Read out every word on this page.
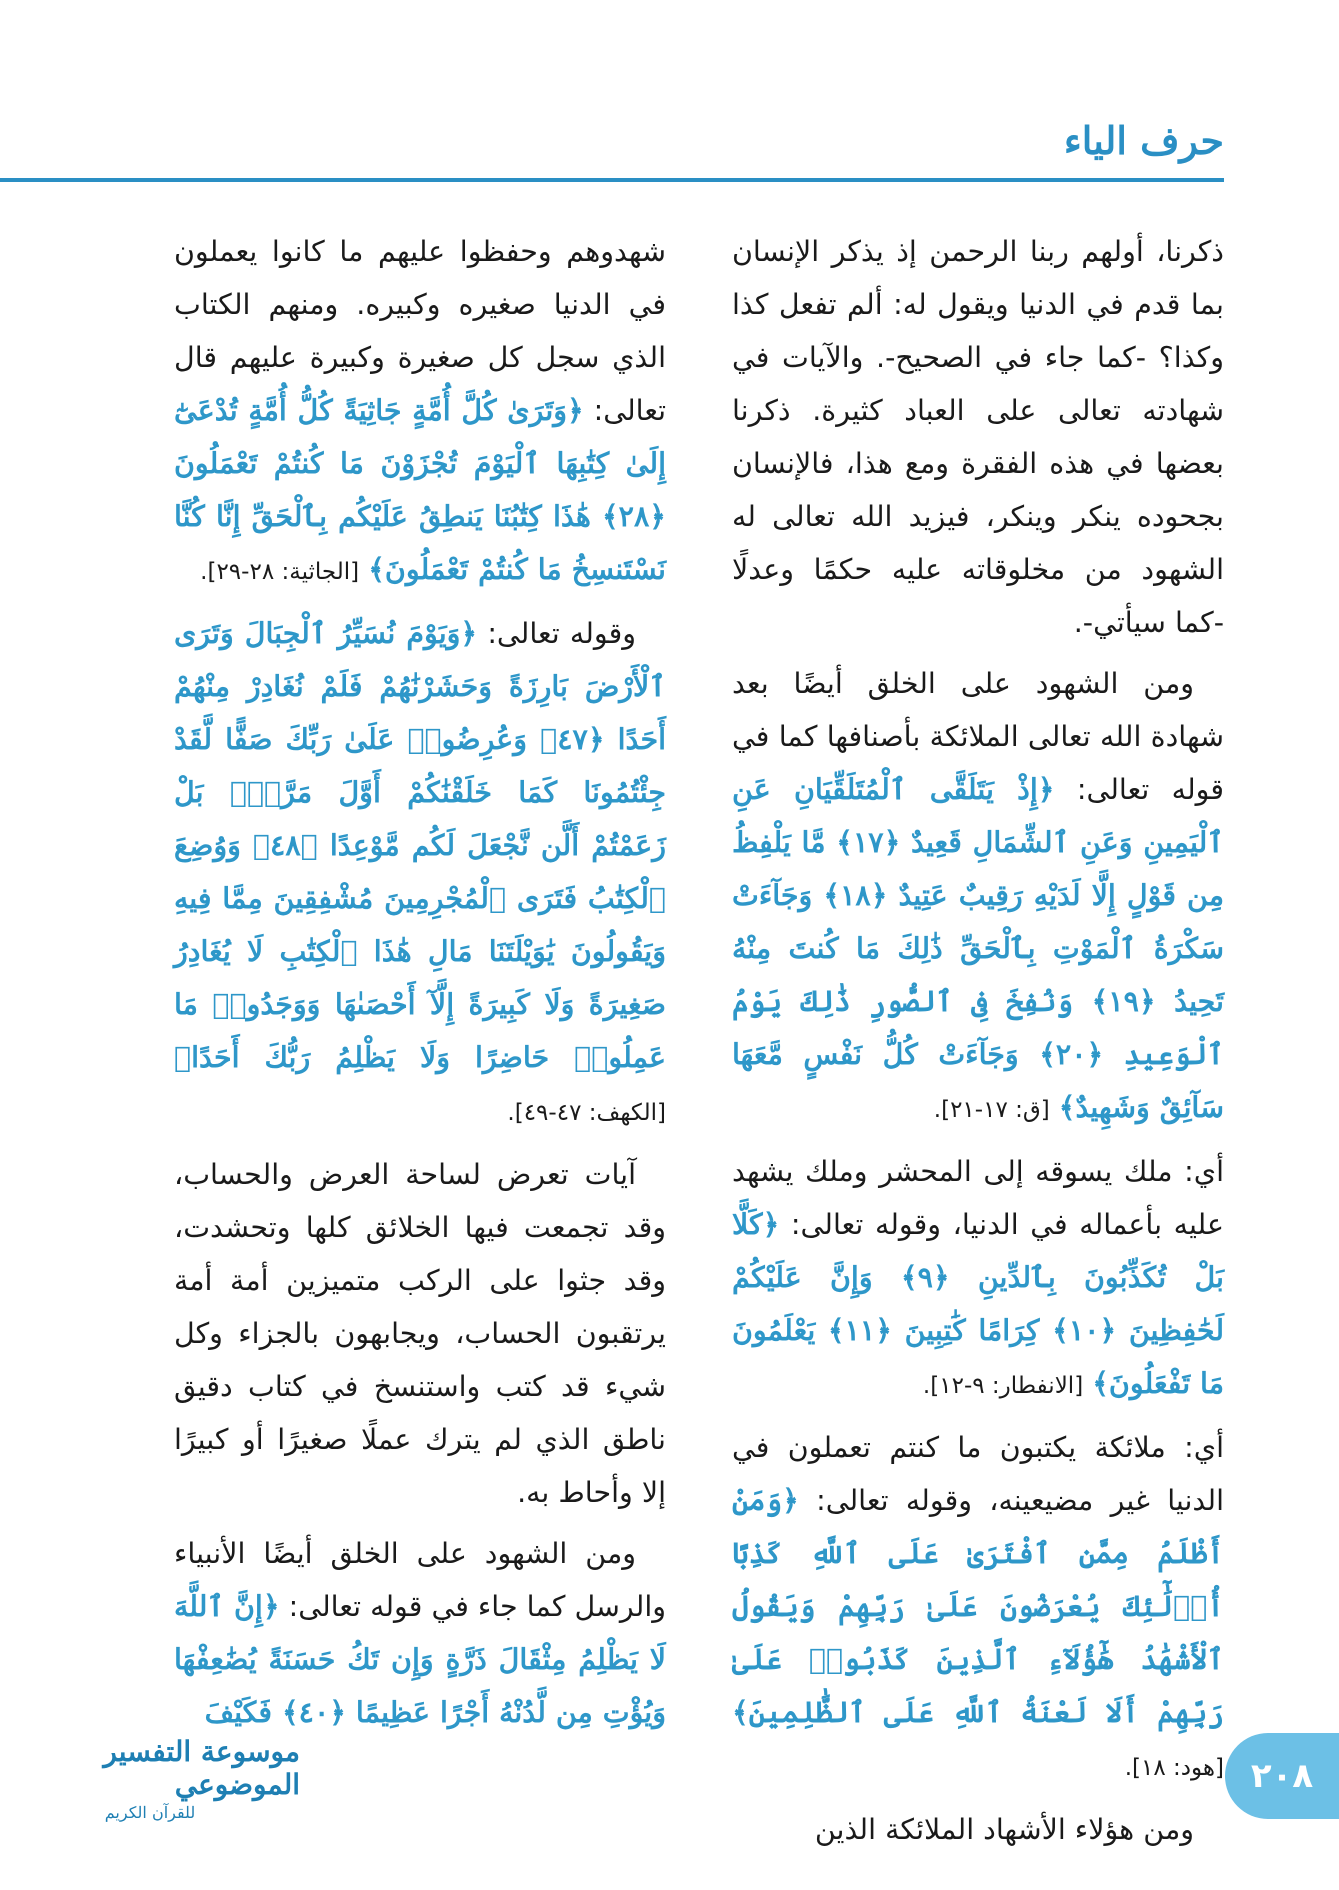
حرف الياء

ذكرنا، أولهم ربنا الرحمن إذ يذكر الإنسان بما قدم في الدنيا ويقول له: ألم تفعل كذا وكذا؟ -كما جاء في الصحيح-. والآيات في شهادته تعالى على العباد كثيرة. ذكرنا بعضها في هذه الفقرة ومع هذا، فالإنسان بجحوده ينكر وينكر، فيزيد الله تعالى له الشهود من مخلوقاته عليه حكمًا وعدلًا -كما سيأتي-.

ومن الشهود على الخلق أيضًا بعد شهادة الله تعالى الملائكة بأصنافها كما في قوله تعالى: ﴿إِذْ يَتَلَقَّى ٱلْمُتَلَقِّيَانِ عَنِ ٱلْيَمِينِ وَعَنِ ٱلشِّمَالِ قَعِيدٌ ﴿١٧﴾ مَّا يَلْفِظُ مِن قَوْلٍ إِلَّا لَدَيْهِ رَقِيبٌ عَتِيدٌ ﴿١٨﴾ وَجَآءَتْ سَكْرَةُ ٱلْمَوْتِ بِٱلْحَقِّ ذَٰلِكَ مَا كُنتَ مِنْهُ تَحِيدُ ﴿١٩﴾ وَنُفِخَ فِى ٱلصُّورِ ذَٰلِكَ يَوْمُ ٱلْوَعِيدِ ﴿٢٠﴾ وَجَآءَتْ كُلُّ نَفْسٍ مَّعَهَا سَآئِقٌ وَشَهِيدٌ﴾ [ق: ١٧-٢١].

أي: ملك يسوقه إلى المحشر وملك يشهد عليه بأعماله في الدنيا، وقوله تعالى: ﴿كَلَّا بَلْ تُكَذِّبُونَ بِٱلدِّينِ ﴿٩﴾ وَإِنَّ عَلَيْكُمْ لَحَٰفِظِينَ ﴿١٠﴾ كِرَامًا كَٰتِبِينَ ﴿١١﴾ يَعْلَمُونَ مَا تَفْعَلُونَ﴾ [الانفطار: ٩-١٢].

أي: ملائكة يكتبون ما كنتم تعملون في الدنيا غير مضيعينه، وقوله تعالى: ﴿وَمَنْ أَظْلَمُ مِمَّنِ ٱفْتَرَىٰ عَلَى ٱللَّهِ كَذِبًا أُو۟لَٰٓئِكَ يُعْرَضُونَ عَلَىٰ رَبِّهِمْ وَيَقُولُ ٱلْأَشْهَٰدُ هَٰٓؤُلَآءِ ٱلَّذِينَ كَذَبُوا۟ عَلَىٰ رَبِّهِمْ أَلَا لَعْنَةُ ٱللَّهِ عَلَى ٱلظَّٰلِمِينَ﴾ [هود: ١٨].

ومن هؤلاء الأشهاد الملائكة الذين

شهدوهم وحفظوا عليهم ما كانوا يعملون في الدنيا صغيره وكبيره. ومنهم الكتاب الذي سجل كل صغيرة وكبيرة عليهم قال تعالى: ﴿وَتَرَىٰ كُلَّ أُمَّةٍ جَاثِيَةً كُلُّ أُمَّةٍ تُدْعَىٰٓ إِلَىٰ كِتَٰبِهَا ٱلْيَوْمَ تُجْزَوْنَ مَا كُنتُمْ تَعْمَلُونَ ﴿٢٨﴾ هَٰذَا كِتَٰبُنَا يَنطِقُ عَلَيْكُم بِٱلْحَقِّ إِنَّا كُنَّا نَسْتَنسِخُ مَا كُنتُمْ تَعْمَلُونَ﴾ [الجاثية: ٢٨-٢٩].

وقوله تعالى: ﴿وَيَوْمَ نُسَيِّرُ ٱلْجِبَالَ وَتَرَى ٱلْأَرْضَ بَارِزَةً وَحَشَرْنَٰهُمْ فَلَمْ نُغَادِرْ مِنْهُمْ أَحَدًا ﴿٤٧﴾ وَعُرِضُوا۟ عَلَىٰ رَبِّكَ صَفًّا لَّقَدْ جِئْتُمُونَا كَمَا خَلَقْنَٰكُمْ أَوَّلَ مَرَّةٍۭ بَلْ زَعَمْتُمْ أَلَّن نَّجْعَلَ لَكُم مَّوْعِدًا ﴿٤٨﴾ وَوُضِعَ ٱلْكِتَٰبُ فَتَرَى ٱلْمُجْرِمِينَ مُشْفِقِينَ مِمَّا فِيهِ وَيَقُولُونَ يَٰوَيْلَتَنَا مَالِ هَٰذَا ٱلْكِتَٰبِ لَا يُغَادِرُ صَغِيرَةً وَلَا كَبِيرَةً إِلَّآ أَحْصَىٰهَا وَوَجَدُوا۟ مَا عَمِلُوا۟ حَاضِرًا وَلَا يَظْلِمُ رَبُّكَ أَحَدًا﴾ [الكهف: ٤٧-٤٩].

آيات تعرض لساحة العرض والحساب، وقد تجمعت فيها الخلائق كلها وتحشدت، وقد جثوا على الركب متميزين أمة أمة يرتقبون الحساب، ويجابهون بالجزاء وكل شيء قد كتب واستنسخ في كتاب دقيق ناطق الذي لم يترك عملًا صغيرًا أو كبيرًا إلا وأحاط به.

ومن الشهود على الخلق أيضًا الأنبياء والرسل كما جاء في قوله تعالى: ﴿إِنَّ ٱللَّهَ لَا يَظْلِمُ مِثْقَالَ ذَرَّةٍ وَإِن تَكُ حَسَنَةً يُضَٰعِفْهَا وَيُؤْتِ مِن لَّدُنْهُ أَجْرًا عَظِيمًا ﴿٤٠﴾ فَكَيْفَ

موسوعة التفسير الموضوعي
للقرآن الكريم
٢٠٨
